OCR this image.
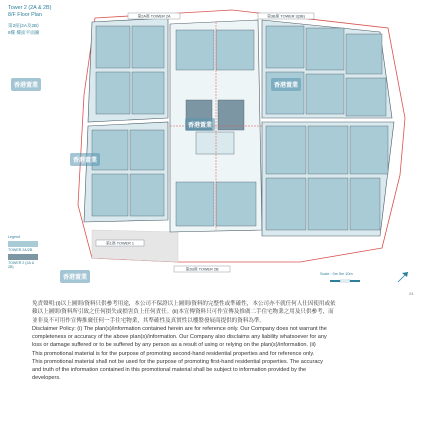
Tower 2 (2A & 2B)
8/F Floor Plan
第2座(2A及2B)
8樓 樓面平面圖
第2A座 TOWER 2A	第3B座 TOWER 3(3B)
第1座 TOWER 1
第2B座 TOWER 2B
香港置業
香港置業
香港置業
香港置業
香港置業
Legend
TOWER 2A/2B
TOWER 2 (2A & 2B)
Scale : 0m 5m 10m
24
免責聲明:(i)以上圖則/資料只供參考用途，本公司不保證以上圖則/資料的完整性或準確性，本公司亦不就任何人仕因使用或依
賴以上圖則/資料所引致之任何損失或損害負上任何責任。(ii)本宣傳資料只可作宣傳及推廣二手住宅物業之用及只供參考，而
並非及不可用作宣傳推廣任何一手住宅物業，其準確性及真實性以樓盤發展商提供的資料為準。
Disclaimer Policy: (i) The plan(s)/information contained herein are for reference only. Our Company does not warrant the
completeness or accuracy of the above plan(s)/information. Our Company also disclaims any liability whatsoever for any
loss or damage suffered or to be suffered by any person as a result of using or relying on the plan(s)/information. (ii)
This promotional material is for the purpose of promoting second-hand residential properties and for reference only.
This promotional material shall not be used for the purpose of promoting first-hand residential properties. The accuracy
and truth of the information contained in this promotional material shall be subject to information provided by the
developers.
